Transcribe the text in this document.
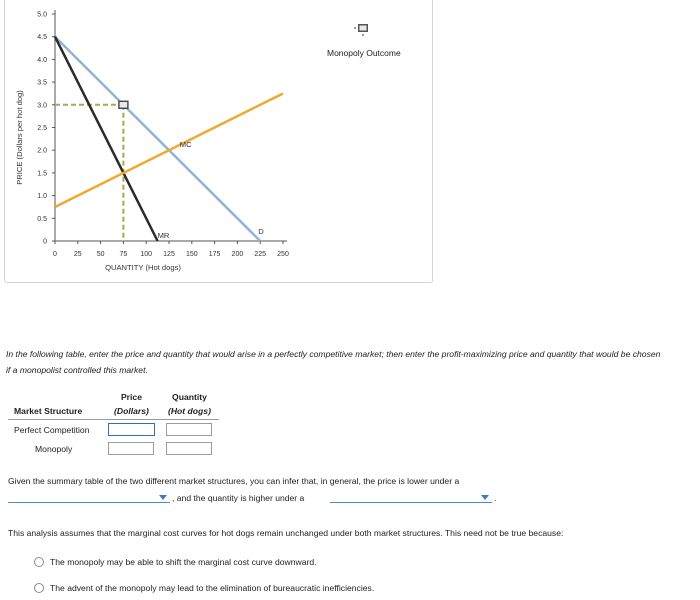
0
0.5
1.0
1.5
2.0
2.5
3.0
3.5
4.0
4.5
5.0
0 25 50 75 100 125 150 175 200 225 250
QUANTITY (Hot dogs)
PRICE (Dollars per hot dog)
D
MR
MC
Monopoly Outcome
In the following table, enter the price and quantity that would arise in a perfectly competitive market; then enter the profit-maximizing price and quantity that would be chosen if a monopolist controlled this market.
	Price	Quantity
Market Structure	(Dollars)	(Hot dogs)
Perfect Competition	

Monopoly	

Given the summary table of the two different market structures, you can infer that, in general, the price is lower under a
, and the quantity is higher under a	.
This analysis assumes that the marginal cost curves for hot dogs remain unchanged under both market structures. This need not be true because:
The monopoly may be able to shift the marginal cost curve downward.
The advent of the monopoly may lead to the elimination of bureaucratic inefficiencies.
